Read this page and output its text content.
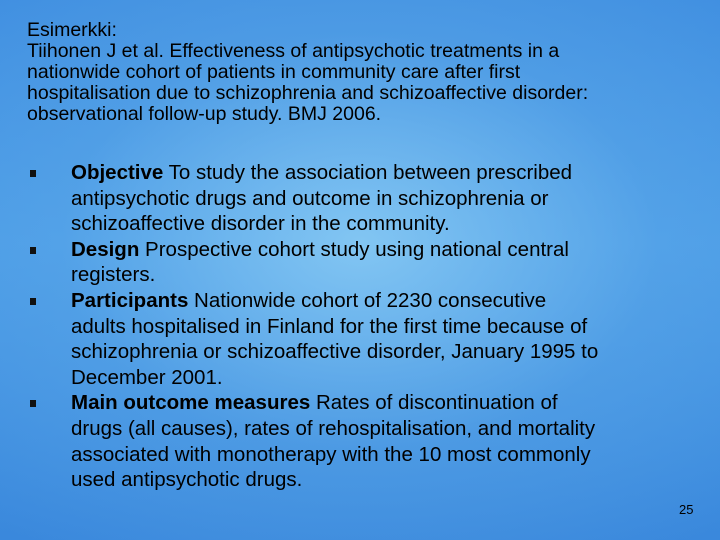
Esimerkki:
Tiihonen J et al. Effectiveness of antipsychotic treatments in a
nationwide cohort of patients in community care after first
hospitalisation due to schizophrenia and schizoaffective disorder:
observational follow-up study. BMJ 2006.
Objective To study the association between prescribed
antipsychotic drugs and outcome in schizophrenia or
schizoaffective disorder in the community.
Design Prospective cohort study using national central
registers.
Participants Nationwide cohort of 2230 consecutive
adults hospitalised in Finland for the first time because of
schizophrenia or schizoaffective disorder, January 1995 to
December 2001.
Main outcome measures Rates of discontinuation of
drugs (all causes), rates of rehospitalisation, and mortality
associated with monotherapy with the 10 most commonly
used antipsychotic drugs.
25
